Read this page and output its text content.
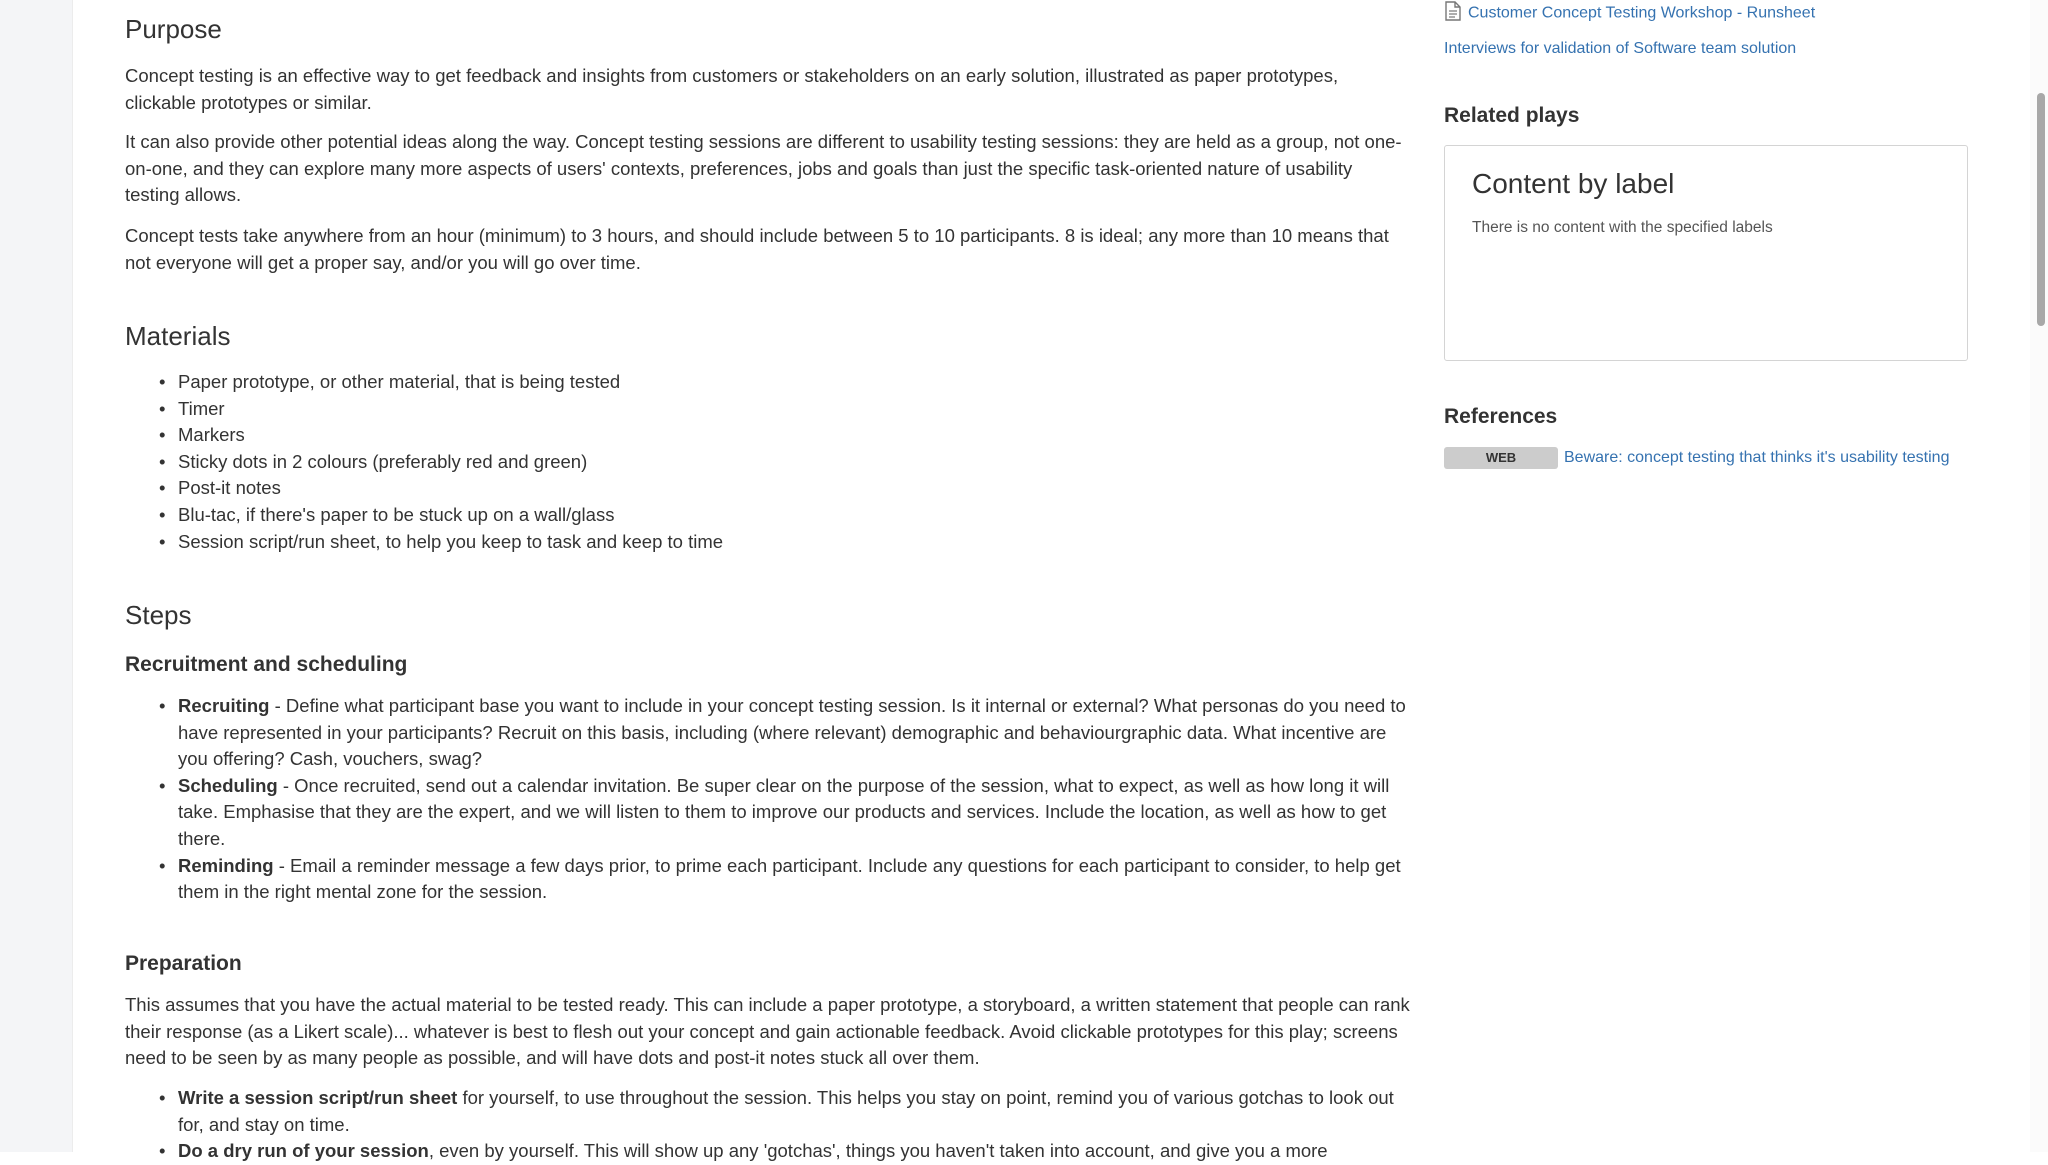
Purpose

Concept testing is an effective way to get feedback and insights from customers or stakeholders on an early solution, illustrated as paper prototypes, clickable prototypes or similar.

It can also provide other potential ideas along the way. Concept testing sessions are different to usability testing sessions: they are held as a group, not one-on-one, and they can explore many more aspects of users' contexts, preferences, jobs and goals than just the specific task-oriented nature of usability testing allows.

Concept tests take anywhere from an hour (minimum) to 3 hours, and should include between 5 to 10 participants. 8 is ideal; any more than 10 means that not everyone will get a proper say, and/or you will go over time.

Materials
• Paper prototype, or other material, that is being tested
• Timer
• Markers
• Sticky dots in 2 colours (preferably red and green)
• Post-it notes
• Blu-tac, if there's paper to be stuck up on a wall/glass
• Session script/run sheet, to help you keep to task and keep to time
Steps
Recruitment and scheduling
• Recruiting - Define what participant base you want to include in your concept testing session. Is it internal or external? What personas do you need to have represented in your participants? Recruit on this basis, including (where relevant) demographic and behaviourgraphic data. What incentive are you offering? Cash, vouchers, swag?
• Scheduling - Once recruited, send out a calendar invitation. Be super clear on the purpose of the session, what to expect, as well as how long it will take. Emphasise that they are the expert, and we will listen to them to improve our products and services. Include the location, as well as how to get there.
• Reminding - Email a reminder message a few days prior, to prime each participant. Include any questions for each participant to consider, to help get them in the right mental zone for the session.
Preparation

This assumes that you have the actual material to be tested ready. This can include a paper prototype, a storyboard, a written statement that people can rank their response (as a Likert scale)... whatever is best to flesh out your concept and gain actionable feedback. Avoid clickable prototypes for this play; screens need to be seen by as many people as possible, and will have dots and post-it notes stuck all over them.

• Write a session script/run sheet for yourself, to use throughout the session. This helps you stay on point, remind you of various gotchas to look out for, and stay on time.
• Do a dry run of your session, even by yourself. This will show up any 'gotchas', things you haven't taken into account, and give you a more
Customer Concept Testing Workshop - Runsheet
Interviews for validation of Software team solution
Related plays
Content by label
There is no content with the specified labels
References
WEB	Beware: concept testing that thinks it's usability testing
